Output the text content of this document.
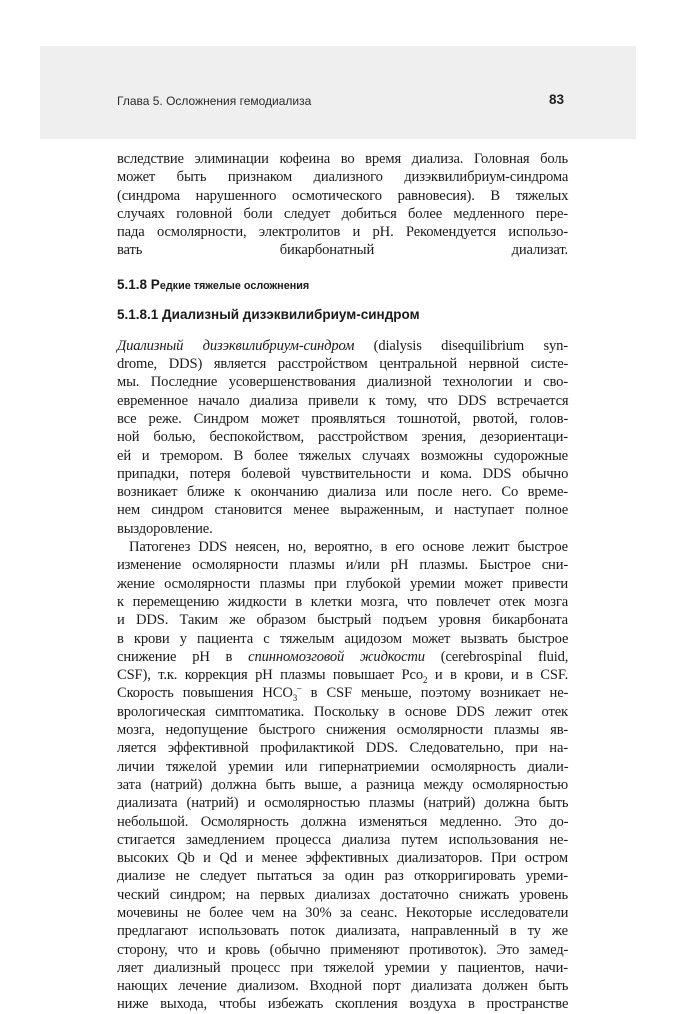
Глава 5. Осложнения гемодиализа	83

вследствие элиминации кофеина во время диализа. Головная боль
может быть признаком диализного дизэквилибриум-синдрома
(синдрома нарушенного осмотического равновесия). В тяжелых
случаях головной боли следует добиться более медленного пере-
пада осмолярности, электролитов и pH. Рекомендуется использо-
вать бикарбонатный диализат.

5.1.8 Редкие тяжелые осложнения
5.1.8.1 Диализный дизэквилибриум-синдром

Диализный дизэквилибриум-синдром (dialysis disequilibrium syn-
drome, DDS) является расстройством центральной нервной систе-
мы. Последние усовершенствования диализной технологии и сво-
евременное начало диализа привели к тому, что DDS встречается
все реже. Синдром может проявляться тошнотой, рвотой, голов-
ной болью, беспокойством, расстройством зрения, дезориентаци-
ей и тремором. В более тяжелых случаях возможны судорожные
припадки, потеря болевой чувствительности и кома. DDS обычно
возникает ближе к окончанию диализа или после него. Со време-
нем синдром становится менее выраженным, и наступает полное
выздоровление.

Патогенез DDS неясен, но, вероятно, в его основе лежит быстрое
изменение осмолярности плазмы и/или pH плазмы. Быстрое сни-
жение осмолярности плазмы при глубокой уремии может привести
к перемещению жидкости в клетки мозга, что повлечет отек мозга
и DDS. Таким же образом быстрый подъем уровня бикарбоната
в крови у пациента с тяжелым ацидозом может вызвать быстрое
снижение pH в спинномозговой жидкости (cerebrospinal fluid,
CSF), т.к. коррекция pH плазмы повышает Pco$_2$ и в крови, и в CSF.
Скорость повышения $HCO_3^-$ в CSF меньше, поэтому возникает не-
врологическая симптоматика. Поскольку в основе DDS лежит отек
мозга, недопущение быстрого снижения осмолярности плазмы яв-
ляется эффективной профилактикой DDS. Следовательно, при на-
личии тяжелой уремии или гипернатриемии осмолярность диали-
зата (натрий) должна быть выше, а разница между осмолярностью
диализата (натрий) и осмолярностью плазмы (натрий) должна быть
небольшой. Осмолярность должна изменяться медленно. Это до-
стигается замедлением процесса диализа путем использования не-
высоких Qb и Qd и менее эффективных диализаторов. При остром
диализе не следует пытаться за один раз откорригировать уреми-
ческий синдром; на первых диализах достаточно снижать уровень
мочевины не более чем на 30% за сеанс. Некоторые исследователи
предлагают использовать поток диализата, направленный в ту же
сторону, что и кровь (обычно применяют противоток). Это замед-
ляет диализный процесс при тяжелой уремии у пациентов, начи-
нающих лечение диализом. Входной порт диализата должен быть
ниже выхода, чтобы избежать скопления воздуха в пространстве
